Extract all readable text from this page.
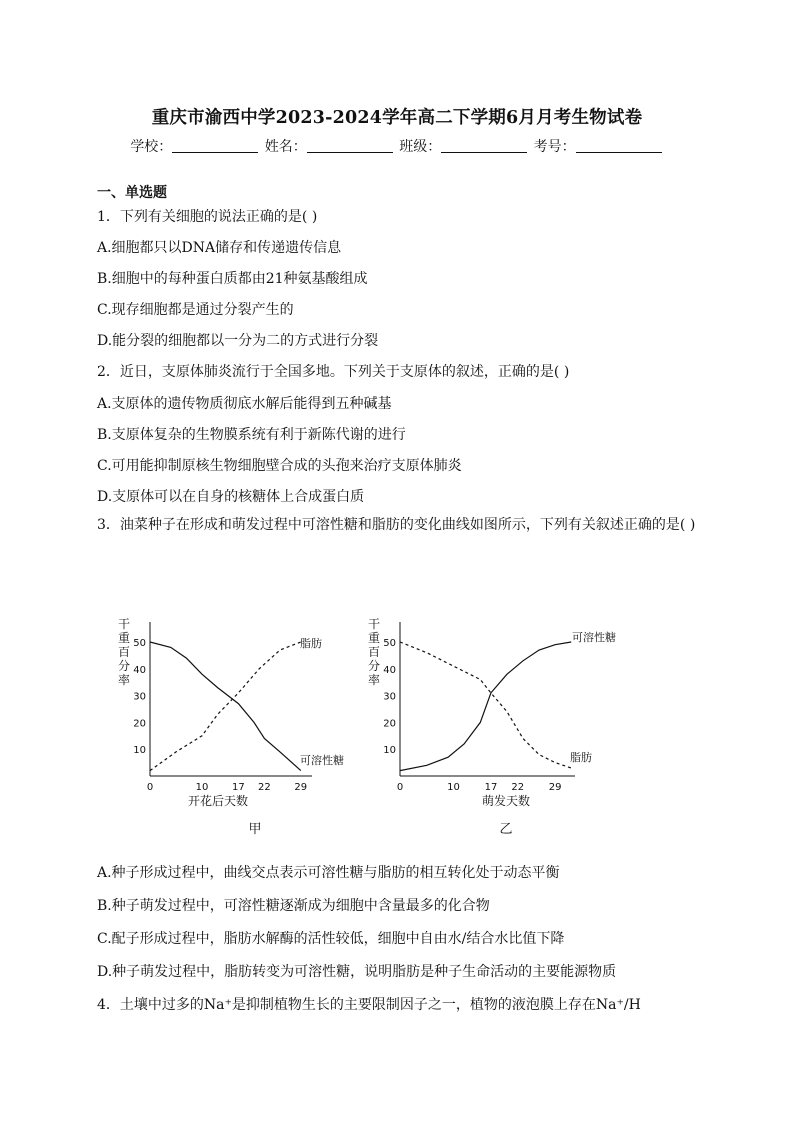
重庆市渝西中学2023-2024学年高二下学期6月月考生物试卷
学校：	姓名：	班级：	考号：
一、单选题
1．下列有关细胞的说法正确的是( )
A.细胞都只以DNA储存和传递遗传信息
B.细胞中的每种蛋白质都由21种氨基酸组成
C.现存细胞都是通过分裂产生的
D.能分裂的细胞都以一分为二的方式进行分裂
2．近日，支原体肺炎流行于全国多地。下列关于支原体的叙述，正确的是( )
A.支原体的遗传物质彻底水解后能得到五种碱基
B.支原体复杂的生物膜系统有利于新陈代谢的进行
C.可用能抑制原核生物细胞壁合成的头孢来治疗支原体肺炎
D.支原体可以在自身的核糖体上合成蛋白质
3．油菜种子在形成和萌发过程中可溶性糖和脂肪的变化曲线如图所示，下列有关叙述正确的是( )
干
重
百
分
率
10
20
30
40
50
0	10 17 22 29
脂肪
可溶性糖
开花后天数
甲
干
重
百
分
率
10
20
30
40
50
0	10 17 22 29
可溶性糖
脂肪
萌发天数
乙
A.种子形成过程中，曲线交点表示可溶性糖与脂肪的相互转化处于动态平衡
B.种子萌发过程中，可溶性糖逐渐成为细胞中含量最多的化合物
C.配子形成过程中，脂肪水解酶的活性较低，细胞中自由水/结合水比值下降
D.种子萌发过程中，脂肪转变为可溶性糖，说明脂肪是种子生命活动的主要能源物质
4．土壤中过多的Na⁺是抑制植物生长的主要限制因子之一，植物的液泡膜上存在Na⁺/H
